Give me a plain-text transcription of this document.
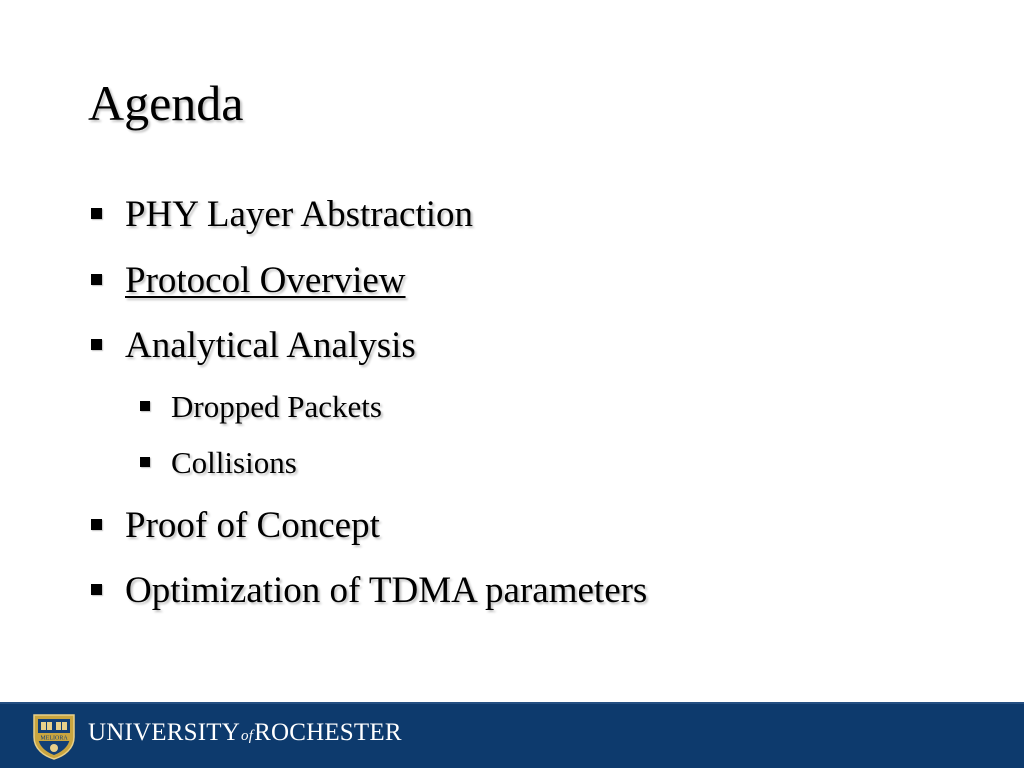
Agenda
PHY Layer Abstraction
Protocol Overview
Analytical Analysis
Dropped Packets
Collisions
Proof of Concept
Optimization of TDMA parameters
MELIORA UNIVERSITYofROCHESTER
